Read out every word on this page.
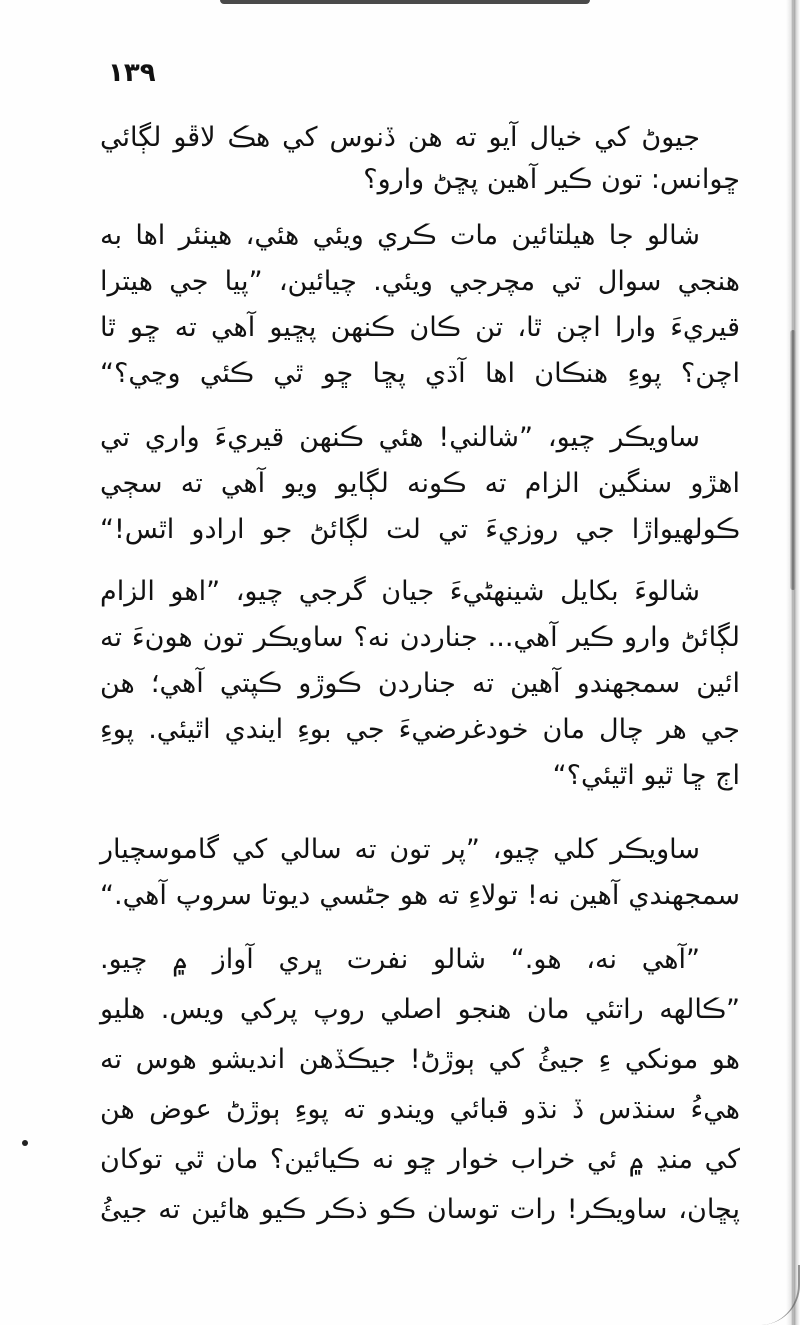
١٣٩
جيوڻ کي خيال آيو ته هن ڏنوس کي هڪ لاڦو لڳائي
ڇوانس: تون ڪير آهين پڇڻ وارو؟
شالو جا هيلتائين مات ڪري ويئي هئي، هينئر اها به
هنجي سوال تي مچرجي ويئي. چيائين، ”پيا جي هيترا
قيريءَ وارا اچن ٿا، تن ڪان ڪنهن پڇيو آهي ته ڇو ٿا
اچن؟ پوءِ هنڪان اها آڌي پڇا ڇو ٿي ڪئي وڃي؟“
ساويڪر چيو، ”شالني! هئي ڪنهن قيريءَ واري تي
اهڙو سنگين الزام ته ڪونه لڳايو ويو آهي ته سڄي
ڪولهيواڙا جي روزيءَ تي لت لڳائڻ جو ارادو اٿس!“
شالوءَ بکايل شينهڻيءَ جيان گرجي چيو، ”اهو الزام
لڳائڻ وارو ڪير آهي... جناردن نه؟ ساويڪر تون هونءَ ته
ائين سمجهندو آهين ته جناردن ڪوڙو ڪپتي آهي؛ هن
جي هر چال مان خودغرضيءَ جي بوءِ ايندي اٿيئي. پوءِ
اڄ ڇا ٿيو اٿيئي؟“
ساويڪر کلي چيو، ”پر تون ته سالي کي گاموسچيار
سمجهندي آهين نه! تولاءِ ته هو جڻسي ديوتا سروپ آهي.“
”آهي نه، هو.“ شالو نفرت ڀري آواز ۾ چيو.
”ڪالهه راتئي مان هنجو اصلي روپ پرکي ويس. هليو
هو مونکي ءِ جيئُ کي ٻوڙڻ! جيڪڏهن انديشو هوس ته
هيءُ سنڌس ڏ نڌو قبائي ويندو ته پوءِ ٻوڙڻ عوض هن
کي منڍ ۾ ئي خراب خوار ڇو نه ڪيائين؟ مان ٿي توکان
پڇان، ساويڪر! رات توسان ڪو ذڪر ڪيو هائين ته جيئُ
